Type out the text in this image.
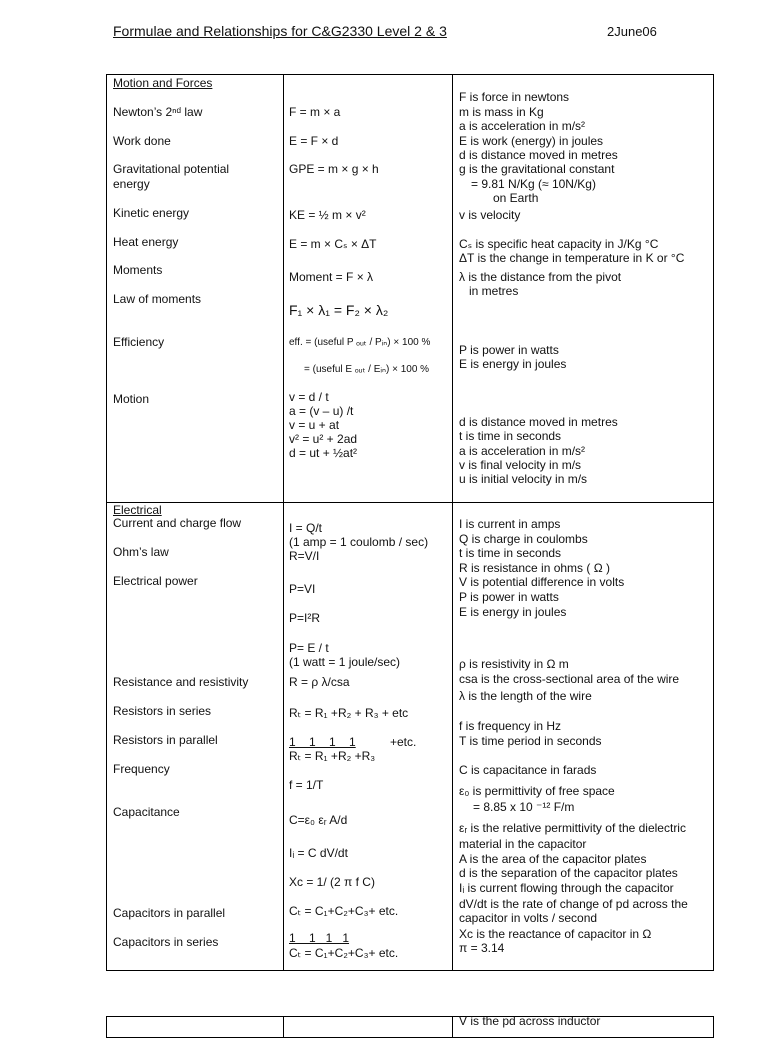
Formulae and Relationships for C&G2330 Level 2 & 3	2June06
Motion and Forces
Newton’s 2ⁿᵈ law
Work done
Gravitational potential
energy
Kinetic energy
Heat energy
Moments
Law of moments
Efficiency
Motion
F = m × a
E = F × d
GPE = m × g × h
KE = ½ m × v²
E = m × Cₛ × ΔT
Moment = F × λ
F₁ × λ₁ = F₂ × λ₂
eff. = (useful P ₒᵤₜ / Pᵢₙ) × 100 %
= (useful E ₒᵤₜ / Eᵢₙ) × 100 %
v = d / t
a = (v – u) /t
v = u + at
v² = u² + 2ad
d = ut + ½at²
F is force in newtons
m is mass in Kg
a is acceleration in m/s²
E is work (energy) in joules
d is distance moved in metres
g is the gravitational constant
= 9.81 N/Kg (≈ 10N/Kg)
on Earth
v is velocity
Cₛ is specific heat capacity in J/Kg °C
ΔT is the change in temperature in K or °C
λ is the distance from the pivot
in metres
P is power in watts
E is energy in joules
d is distance moved in metres
t is time in seconds
a is acceleration in m/s²
v is final velocity in m/s
u is initial velocity in m/s
Electrical
Current and charge flow
Ohm’s law
Electrical power
Resistance and resistivity
Resistors in series
Resistors in parallel
Frequency
Capacitance
Capacitors in parallel
Capacitors in series
I = Q/t
(1 amp = 1 coulomb / sec)
R=V/I
P=VI
P=I²R
P= E / t
(1 watt = 1 joule/sec)
R = ρ λ/csa
Rₜ = R₁ +R₂ + R₃ + etc
1    1    1    1
Rₜ = R₁ +R₂ +R₃
+etc.
f = 1/T
C=ε₀ εᵣ A/d
Iᵢ = C dV/dt
Xc = 1/ (2 π f C)
Cₜ = C₁+C₂+C₃+ etc.
1    1   1   1
Cₜ = C₁+C₂+C₃+ etc.
I is current in amps
Q is charge in coulombs
t is time in seconds
R is resistance in ohms ( Ω )
V is potential difference in volts
P is power in watts
E is energy in joules
ρ is resistivity in Ω m
csa is the cross-sectional area of the wire
λ is the length of the wire
f is frequency in Hz
T is time period in seconds
C is capacitance in farads
ε₀ is permittivity of free space
= 8.85 x 10 ⁻¹² F/m
εᵣ is the relative permittivity of the dielectric
material in the capacitor
A is the area of the capacitor plates
d is the separation of the capacitor plates
Iᵢ is current flowing through the capacitor
dV/dt is the rate of change of pd across the
capacitor in volts / second
Xc is the reactance of capacitor in Ω
π = 3.14
V is the pd across inductor
